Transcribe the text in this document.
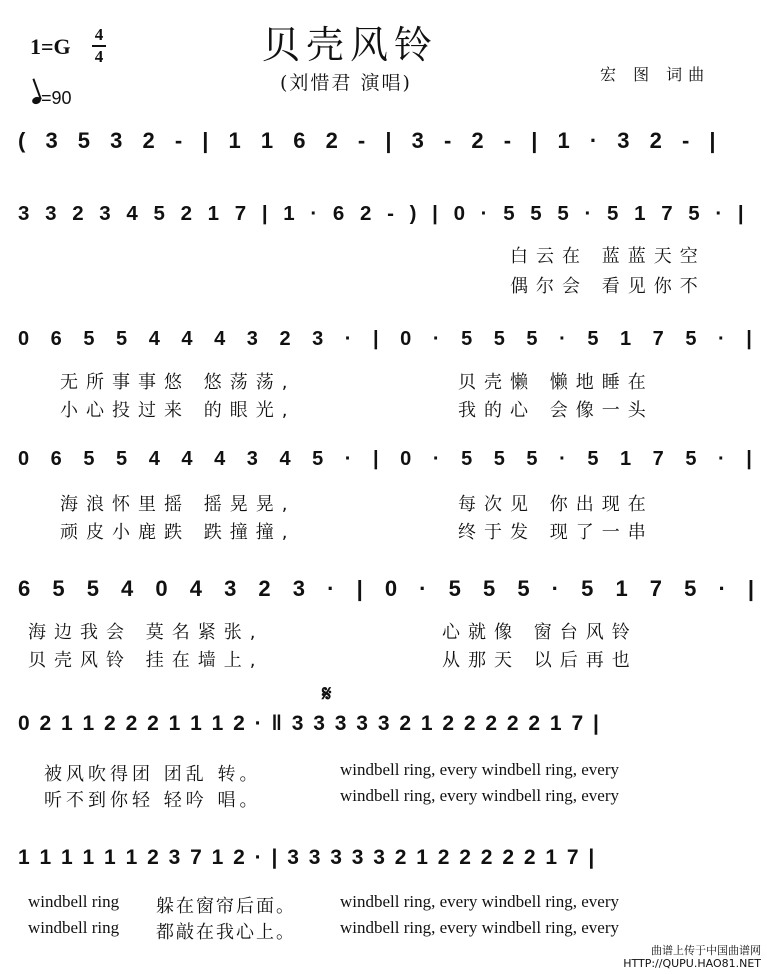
贝壳风铃
(刘惜君 演唱)	宏 图 词曲
1=G 4
4
=90
( 3 5 3 2 - | 1 1 6 2 - | 3 - 2 - | 1 · 3 2 - |
3 3 2 3 4 5 2 1 7 | 1 · 6 2 - ) | 0 · 5 5 5 · 5 1 7 5 · |
白云在 蓝蓝天空
偶尔会 看见你不
0 6 5 5 4 4 4 3 2 3 · | 0 · 5 5 5 · 5 1 7 5 · |
无所事事悠 悠荡荡,	贝壳懒 懒地睡在
小心投过来 的眼光,	我的心 会像一头
0 6 5 5 4 4 4 3 4 5 · | 0 · 5 5 5 · 5 1 7 5 · |
海浪怀里摇 摇晃晃,	每次见 你出现在
顽皮小鹿跌 跌撞撞,	终于发 现了一串
6 5 5 4 0 4 3 2 3 · | 0 · 5 5 5 · 5 1 7 5 · |
海边我会 莫名紧张,	心就像 窗台风铃
贝壳风铃 挂在墙上,	从那天 以后再也
𝄋
0 2 1 1 2 2 2 1 1 1 2 · ‖ 3 3 3 3 3 2 1 2 2 2 2 2 1 7 |
被风吹得团 团乱 转。	windbell ring, every windbell ring, every
听不到你轻 轻吟 唱。	windbell ring, every windbell ring, every
1 1 1 1 1 1 2 3 7 1 2 · | 3 3 3 3 3 2 1 2 2 2 2 2 1 7 |
windbell ring 躲在窗帘后面。	windbell ring, every windbell ring, every
windbell ring 都敲在我心上。	windbell ring, every windbell ring, every
曲谱上传于中国曲谱网
HTTP://QUPU.HAO81.NET
